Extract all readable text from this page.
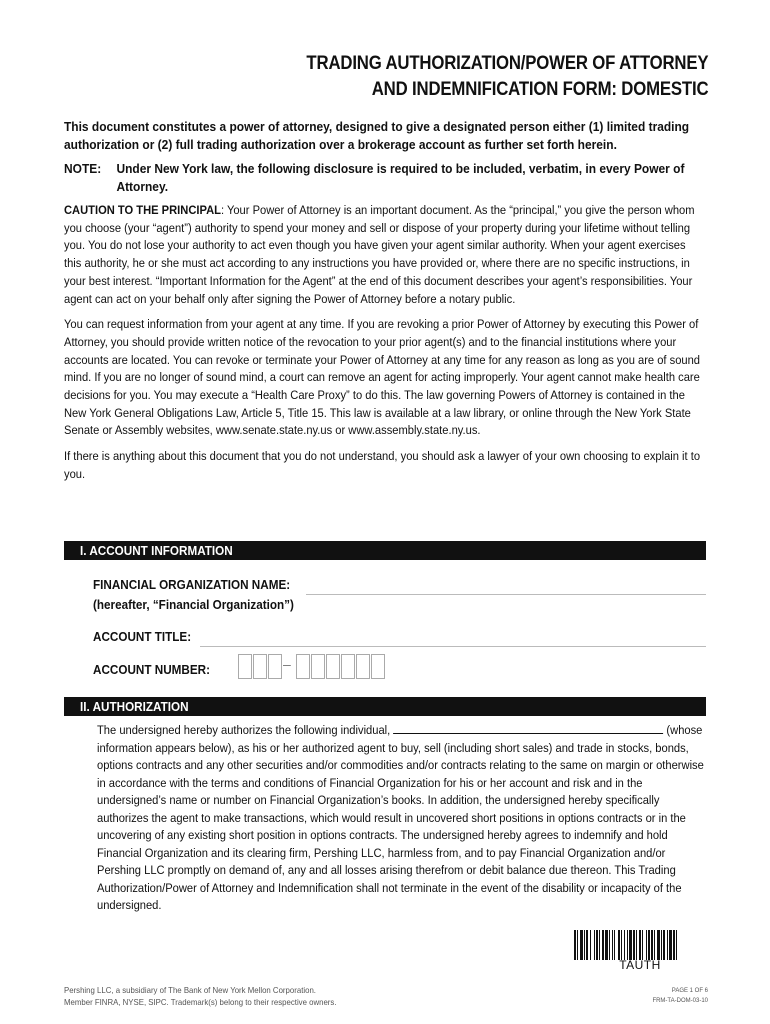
TRADING AUTHORIZATION/POWER OF ATTORNEY
AND INDEMNIFICATION FORM: DOMESTIC

This document constitutes a power of attorney, designed to give a designated person either (1) limited trading authorization or (2) full trading authorization over a brokerage account as further set forth herein.

NOTE:	Under New York law, the following disclosure is required to be included, verbatim, in every Power of Attorney.

CAUTION TO THE PRINCIPAL: Your Power of Attorney is an important document. As the “principal,” you give the person whom you choose (your “agent”) authority to spend your money and sell or dispose of your property during your lifetime without telling you. You do not lose your authority to act even though you have given your agent similar authority. When your agent exercises this authority, he or she must act according to any instructions you have provided or, where there are no specific instructions, in your best interest. “Important Information for the Agent” at the end of this document describes your agent’s responsibilities. Your agent can act on your behalf only after signing the Power of Attorney before a notary public.

You can request information from your agent at any time. If you are revoking a prior Power of Attorney by executing this Power of Attorney, you should provide written notice of the revocation to your prior agent(s) and to the financial institutions where your accounts are located. You can revoke or terminate your Power of Attorney at any time for any reason as long as you are of sound mind. If you are no longer of sound mind, a court can remove an agent for acting improperly. Your agent cannot make health care decisions for you. You may execute a “Health Care Proxy” to do this. The law governing Powers of Attorney is contained in the New York General Obligations Law, Article 5, Title 15. This law is available at a law library, or online through the New York State Senate or Assembly websites, www.senate.state.ny.us or www.assembly.state.ny.us.

If there is anything about this document that you do not understand, you should ask a lawyer of your own choosing to explain it to you.

I. ACCOUNT INFORMATION
FINANCIAL ORGANIZATION NAME:
(hereafter, “Financial Organization”)
ACCOUNT TITLE:
ACCOUNT NUMBER:	–
II. AUTHORIZATION
The undersigned hereby authorizes the following individual,	(whose information appears below), as his or her authorized agent to buy, sell (including short sales) and trade in stocks, bonds, options contracts and any other securities and/or commodities and/or contracts relating to the same on margin or otherwise in accordance with the terms and conditions of Financial Organization for his or her account and risk and in the undersigned’s name or number on Financial Organization’s books. In addition, the undersigned hereby specifically authorizes the agent to make transactions, which would result in uncovered short positions in options contracts or in the uncovering of any existing short position in options contracts. The undersigned hereby agrees to indemnify and hold Financial Organization and its clearing firm, Pershing LLC, harmless from, and to pay Financial Organization and/or Pershing LLC promptly on demand of, any and all losses arising therefrom or debit balance due thereon. This Trading Authorization/Power of Attorney and Indemnification shall not terminate in the event of the disability or incapacity of the undersigned.
TAUTH
Pershing LLC, a subsidiary of The Bank of New York Mellon Corporation.
Member FINRA, NYSE, SIPC. Trademark(s) belong to their respective owners.
PAGE 1 OF 6
FRM-TA-DOM-03-10
